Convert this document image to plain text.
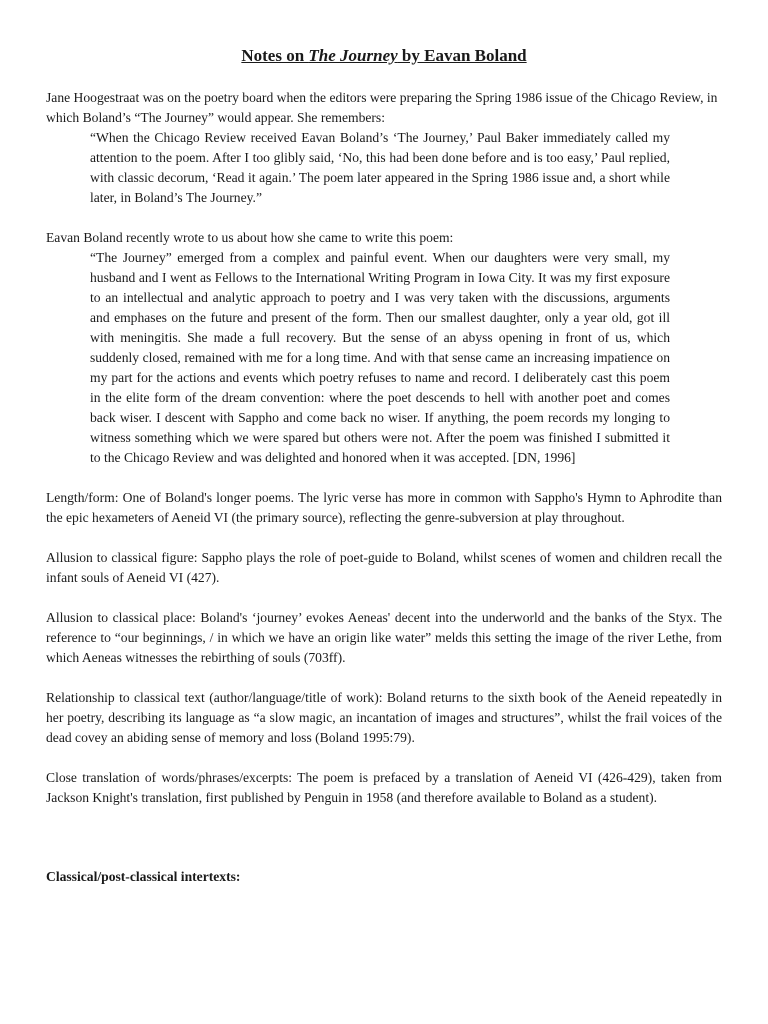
Notes on The Journey by Eavan Boland

Jane Hoogestraat was on the poetry board when the editors were preparing the Spring 1986 issue of the Chicago Review, in which Boland’s “The Journey” would appear. She remembers:

“When the Chicago Review received Eavan Boland’s ‘The Journey,’ Paul Baker immediately called my attention to the poem. After I too glibly said, ‘No, this had been done before and is too easy,’ Paul replied, with classic decorum, ‘Read it again.’ The poem later appeared in the Spring 1986 issue and, a short while later, in Boland’s The Journey.”

Eavan Boland recently wrote to us about how she came to write this poem:

“The Journey” emerged from a complex and painful event. When our daughters were very small, my husband and I went as Fellows to the International Writing Program in Iowa City. It was my first exposure to an intellectual and analytic approach to poetry and I was very taken with the discussions, arguments and emphases on the future and present of the form. Then our smallest daughter, only a year old, got ill with meningitis. She made a full recovery. But the sense of an abyss opening in front of us, which suddenly closed, remained with me for a long time. And with that sense came an increasing impatience on my part for the actions and events which poetry refuses to name and record. I deliberately cast this poem in the elite form of the dream convention: where the poet descends to hell with another poet and comes back wiser. I descent with Sappho and come back no wiser. If anything, the poem records my longing to witness something which we were spared but others were not. After the poem was finished I submitted it to the Chicago Review and was delighted and honored when it was accepted. [DN, 1996]

Length/form: One of Boland's longer poems. The lyric verse has more in common with Sappho's Hymn to Aphrodite than the epic hexameters of Aeneid VI (the primary source), reflecting the genre-subversion at play throughout.

Allusion to classical figure: Sappho plays the role of poet-guide to Boland, whilst scenes of women and children recall the infant souls of Aeneid VI (427).

Allusion to classical place: Boland's ‘journey’ evokes Aeneas' decent into the underworld and the banks of the Styx. The reference to “our beginnings, / in which we have an origin like water” melds this setting the image of the river Lethe, from which Aeneas witnesses the rebirthing of souls (703ff).

Relationship to classical text (author/language/title of work): Boland returns to the sixth book of the Aeneid repeatedly in her poetry, describing its language as “a slow magic, an incantation of images and structures”, whilst the frail voices of the dead covey an abiding sense of memory and loss (Boland 1995:79).

Close translation of words/phrases/excerpts: The poem is prefaced by a translation of Aeneid VI (426-429), taken from Jackson Knight's translation, first published by Penguin in 1958 (and therefore available to Boland as a student).

Classical/post-classical intertexts:
